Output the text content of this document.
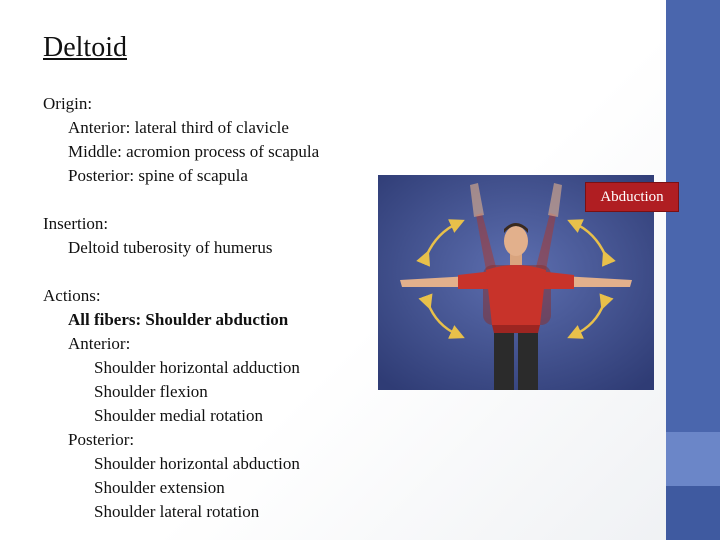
Deltoid
Origin:
Anterior: lateral third of clavicle
Middle: acromion process of scapula
Posterior: spine of scapula
Insertion:
Deltoid tuberosity of humerus
Actions:
All fibers: Shoulder abduction
Anterior:
Shoulder horizontal adduction
Shoulder flexion
Shoulder medial rotation
Posterior:
Shoulder horizontal abduction
Shoulder extension
Shoulder lateral rotation
Abduction
